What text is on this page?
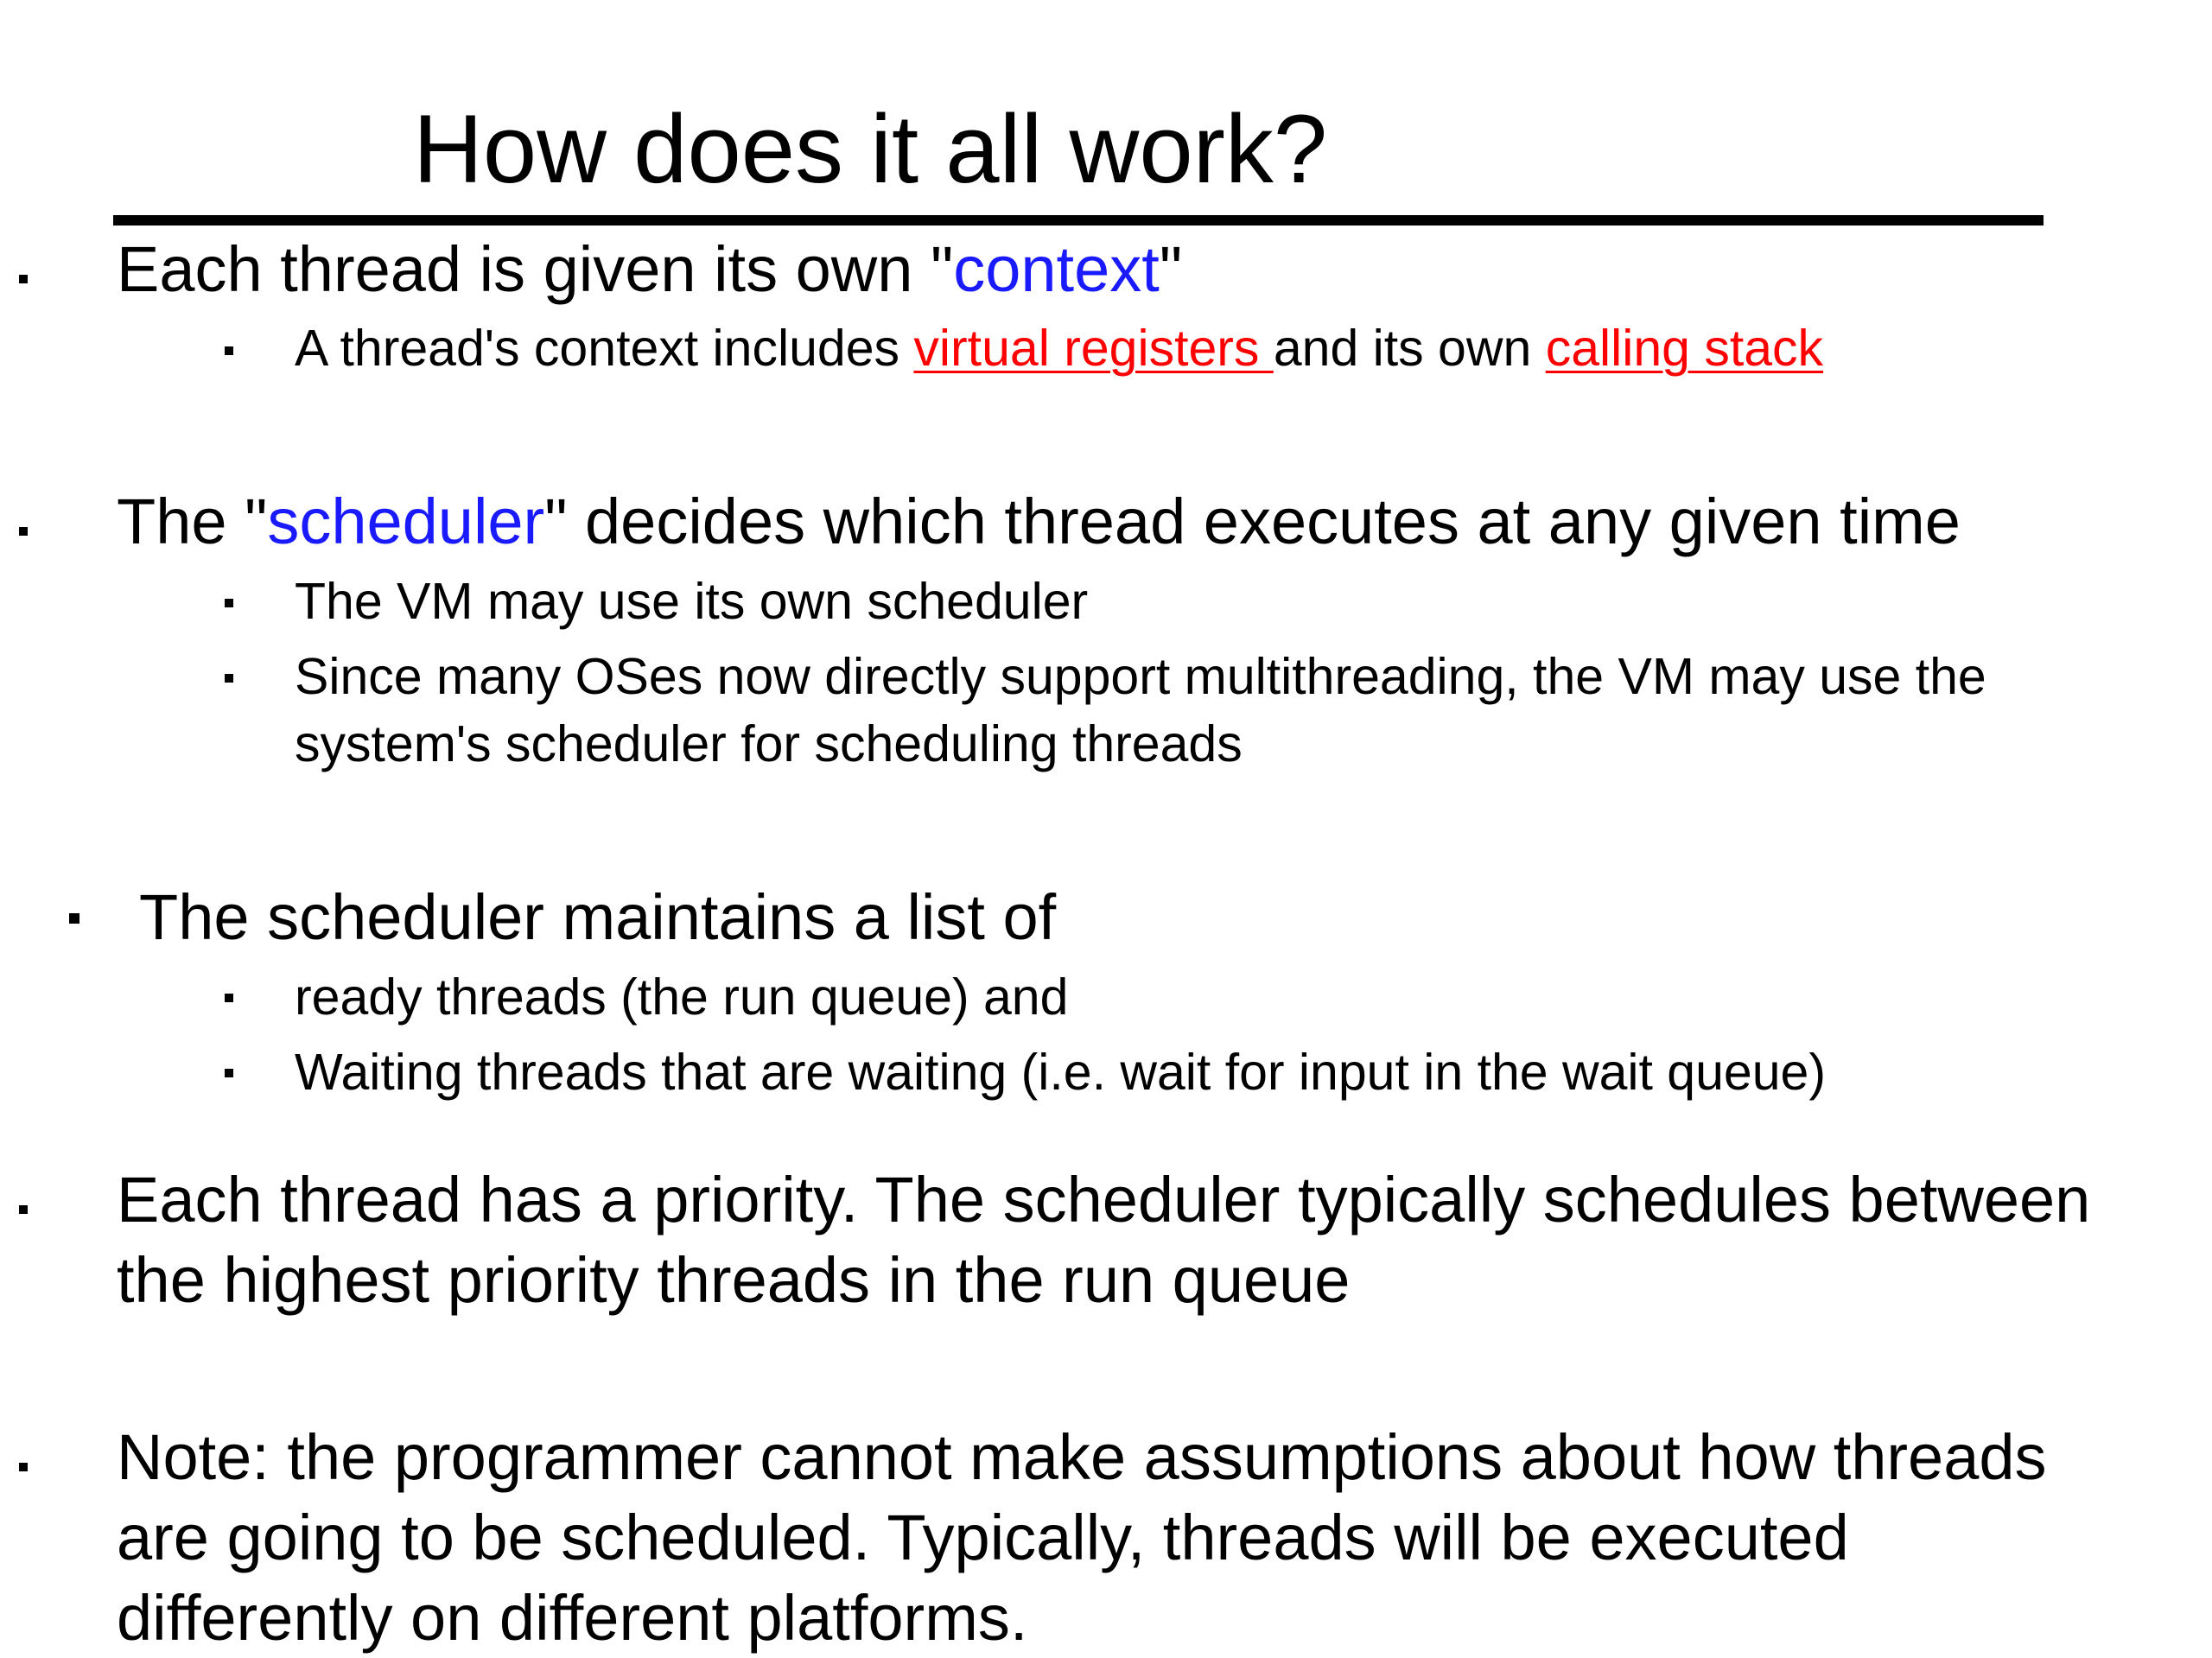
How does it all work?

Each thread is given its own "context"

A thread's context includes virtual registers and its own calling stack

The "scheduler" decides which thread executes at any given time

The VM may use its own scheduler

Since many OSes now directly support multithreading, the VM may use the

system's scheduler for scheduling threads

The scheduler maintains a list of

ready threads (the run queue) and

Waiting threads that are waiting (i.e. wait for input in the wait queue)

Each thread has a priority. The scheduler typically schedules between

the highest priority threads in the run queue

Note: the programmer cannot make assumptions about how threads

are going to be scheduled. Typically, threads will be executed

differently on different platforms.
